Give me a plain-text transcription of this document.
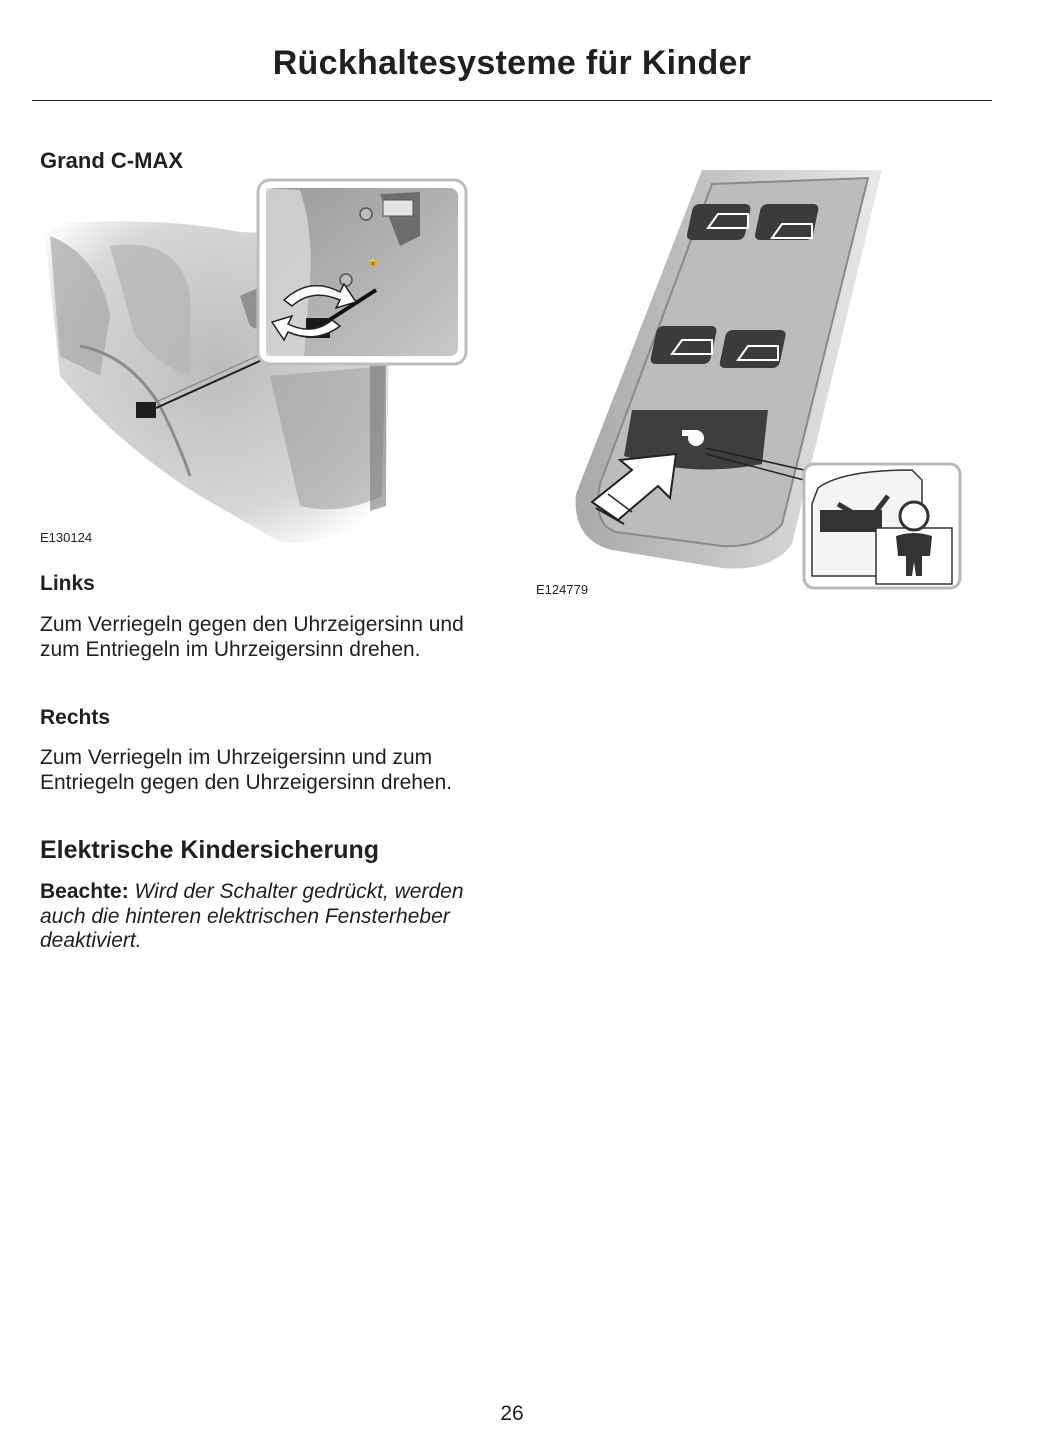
Rückhaltesysteme für Kinder
Grand C-MAX
🔒
E130124
E124779
Links

Zum Verriegeln gegen den Uhrzeigersinn und zum Entriegeln im Uhrzeigersinn drehen.

Rechts

Zum Verriegeln im Uhrzeigersinn und zum Entriegeln gegen den Uhrzeigersinn drehen.

Elektrische Kindersicherung

Beachte: Wird der Schalter gedrückt, werden auch die hinteren elektrischen Fensterheber deaktiviert.

26
